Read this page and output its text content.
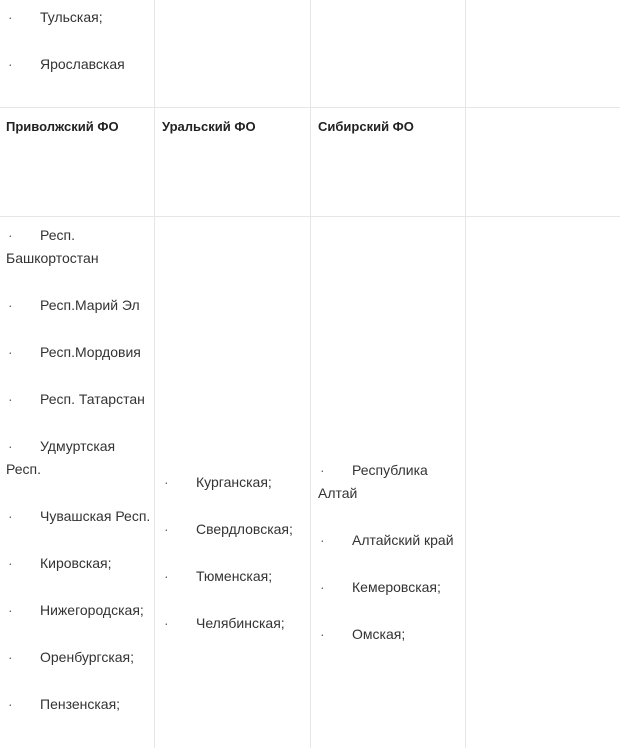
· Тульская;
· Ярославская
Приволжский ФО	Уральский ФО	Сибирский ФО
· Респ. Башкортостан
· Респ.Марий Эл
· Респ.Мордовия
· Респ. Татарстан
· Удмуртская Респ.
· Чувашская Респ.
· Кировская;
· Нижегородская;
· Оренбургская;
· Пензенская;
· Курганская;
· Свердловская;
· Тюменская;
· Челябинская;
· Республика Алтай
· Алтайский край
· Кемеровская;
· Омская;
